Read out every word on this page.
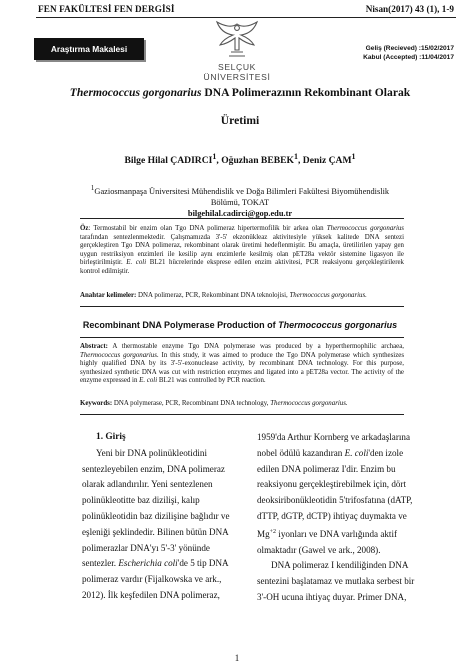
FEN FAKÜLTESİ FEN DERGİSİ	Nisan(2017) 43 (1), 1-9
Araştırma Makalesi
SELÇUK
ÜNİVERSİTESİ
Geliş (Recieved) :15/02/2017
Kabul (Accepted) :11/04/2017
Thermococcus gorgonarius DNA Polimerazının Rekombinant Olarak
Üretimi
Bilge Hilal ÇADIRCI$^1$, Oğuzhan BEBEK$^1$, Deniz ÇAM$^1$
$^1$Gaziosmanpaşa Üniversitesi Mühendislik ve Doğa Bilimleri Fakültesi Biyomühendislik
Bölümü, TOKAT
bilgehilal.cadirci@gop.edu.tr
Öz: Termostabil bir enzim olan Tgo DNA polimeraz hipertermofilik bir arkea olan Thermococcus gorgonarius tarafından sentezlenmektedir. Çalışmamızda 3'-5' ekzonükleaz aktivitesiyle yüksek kalitede DNA sentezi gerçekleştiren Tgo DNA polimeraz, rekombinant olarak üretimi hedeflenmiştir. Bu amaçla, üretilirilen yapay gen uygun restriksiyon enzimleri ile kesilip aynı enzimlerle kesilmiş olan pET28a vektör sistemine ligasyon ile birleştirilmiştir. E. coli BL21 hücrelerinde eksprese edilen enzim aktivitesi, PCR reaksiyonu gerçekleştirilerek kontrol edilmiştir.
Anahtar kelimeler: DNA polimeraz, PCR, Rekombinant DNA teknolojisi, Thermococcus gorgonarius.
Recombinant DNA Polymerase Production of Thermococcus gorgonarius
Abstract: A thermostable enzyme Tgo DNA polymerase was produced by a hyperthermophilic archaea, Thermococcus gorgonarius. In this study, it was aimed to produce the Tgo DNA polymerase which synthesizes highly qualified DNA by its 3'-5'-exonuclease activity, by recombinant DNA technology. For this purpose, synthesized synthetic DNA was cut with restriction enzymes and ligated into a pET28a vector. The activity of the enzyme expressed in E. coli BL21 was controlled by PCR reaction.
Keywords: DNA polymerase, PCR, Recombinant DNA technology, Thermococcus gorgonarius.
1. Giriş
Yeni bir DNA polinükleotidini
sentezleyebilen enzim, DNA polimeraz
olarak adlandırılır. Yeni sentezlenen
polinükleotitte baz dizilişi, kalıp
polinükleotidin baz dizilişine bağlıdır ve
eşleniği şeklindedir. Bilinen bütün DNA
polimerazlar DNA'yı 5'-3' yönünde
sentezler. Escherichia coli'de 5 tip DNA
polimeraz vardır (Fijalkowska ve ark.,
2012). İlk keşfedilen DNA polimeraz,
1959'da Arthur Kornberg ve arkadaşlarına
nobel ödülü kazandıran E. coli'den izole
edilen DNA polimeraz I'dir. Enzim bu
reaksiyonu gerçekleştirebilmek için, dört
deoksiribonükleotidin 5'trifosfatına (dATP,
dTTP, dGTP, dCTP) ihtiyaç duymakta ve
$Mg^{+2}$ iyonları ve DNA varlığında aktif
olmaktadır (Gawel ve ark., 2008).
DNA polimeraz I kendiliğinden DNA
sentezini başlatamaz ve mutlaka serbest bir
3'-OH ucuna ihtiyaç duyar. Primer DNA,
1
